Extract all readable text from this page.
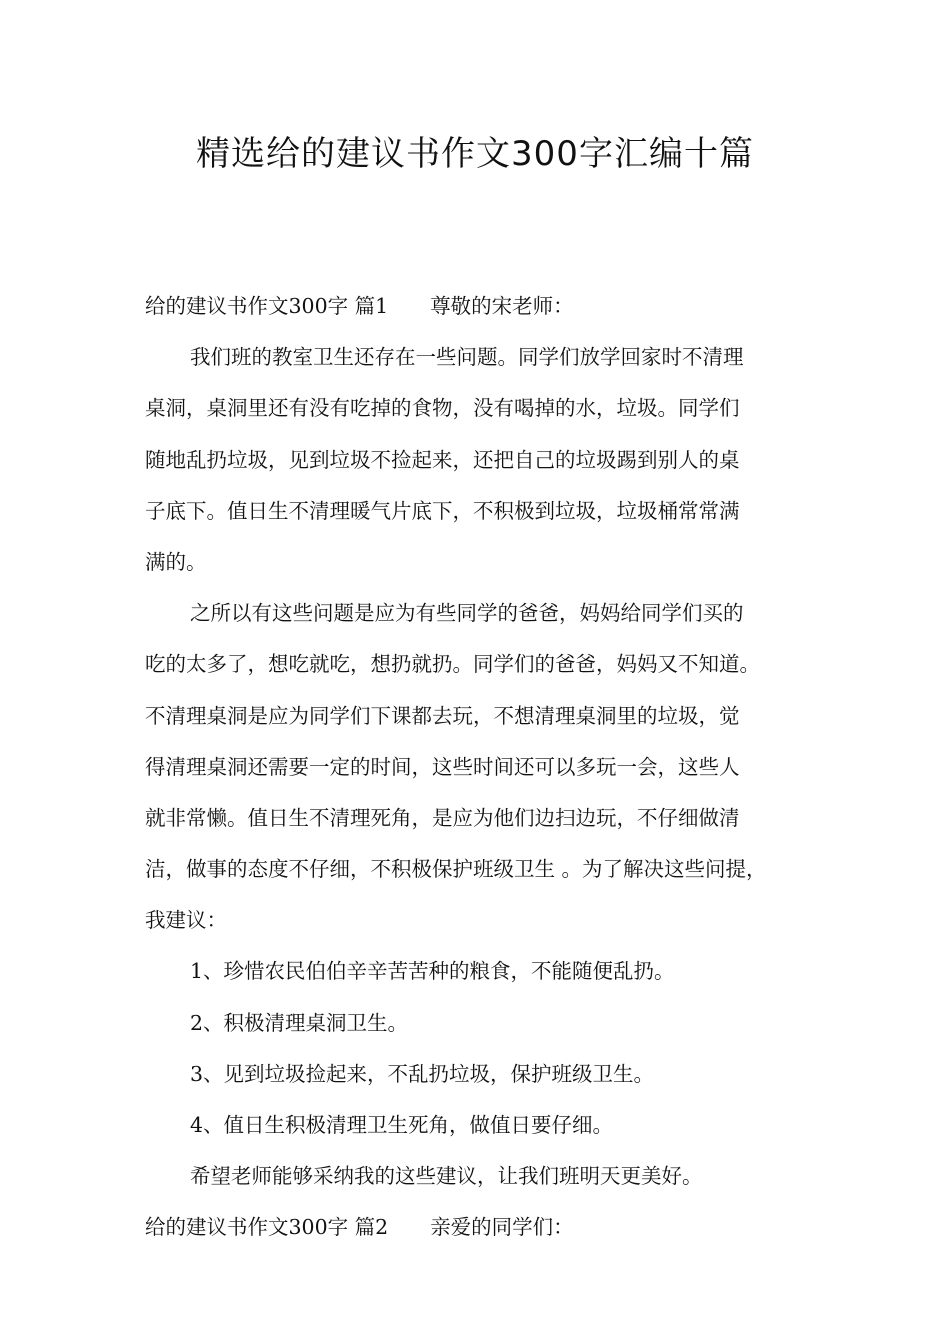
精选给的建议书作文300字汇编十篇
给的建议书作文300字 篇1 尊敬的宋老师：
我们班的教室卫生还存在一些问题。同学们放学回家时不清理
桌洞，桌洞里还有没有吃掉的食物，没有喝掉的水，垃圾。同学们
随地乱扔垃圾，见到垃圾不捡起来，还把自己的垃圾踢到别人的桌
子底下。值日生不清理暖气片底下，不积极到垃圾，垃圾桶常常满
满的。
之所以有这些问题是应为有些同学的爸爸，妈妈给同学们买的
吃的太多了，想吃就吃，想扔就扔。同学们的爸爸，妈妈又不知道。
不清理桌洞是应为同学们下课都去玩，不想清理桌洞里的垃圾，觉
得清理桌洞还需要一定的时间，这些时间还可以多玩一会，这些人
就非常懒。值日生不清理死角，是应为他们边扫边玩，不仔细做清
洁，做事的态度不仔细，不积极保护班级卫生 。为了解决这些问提，
我建议：
1、珍惜农民伯伯辛辛苦苦种的粮食，不能随便乱扔。
2、积极清理桌洞卫生。
3、见到垃圾捡起来，不乱扔垃圾，保护班级卫生。
4、值日生积极清理卫生死角，做值日要仔细。
希望老师能够采纳我的这些建议，让我们班明天更美好。
给的建议书作文300字 篇2 亲爱的同学们：
